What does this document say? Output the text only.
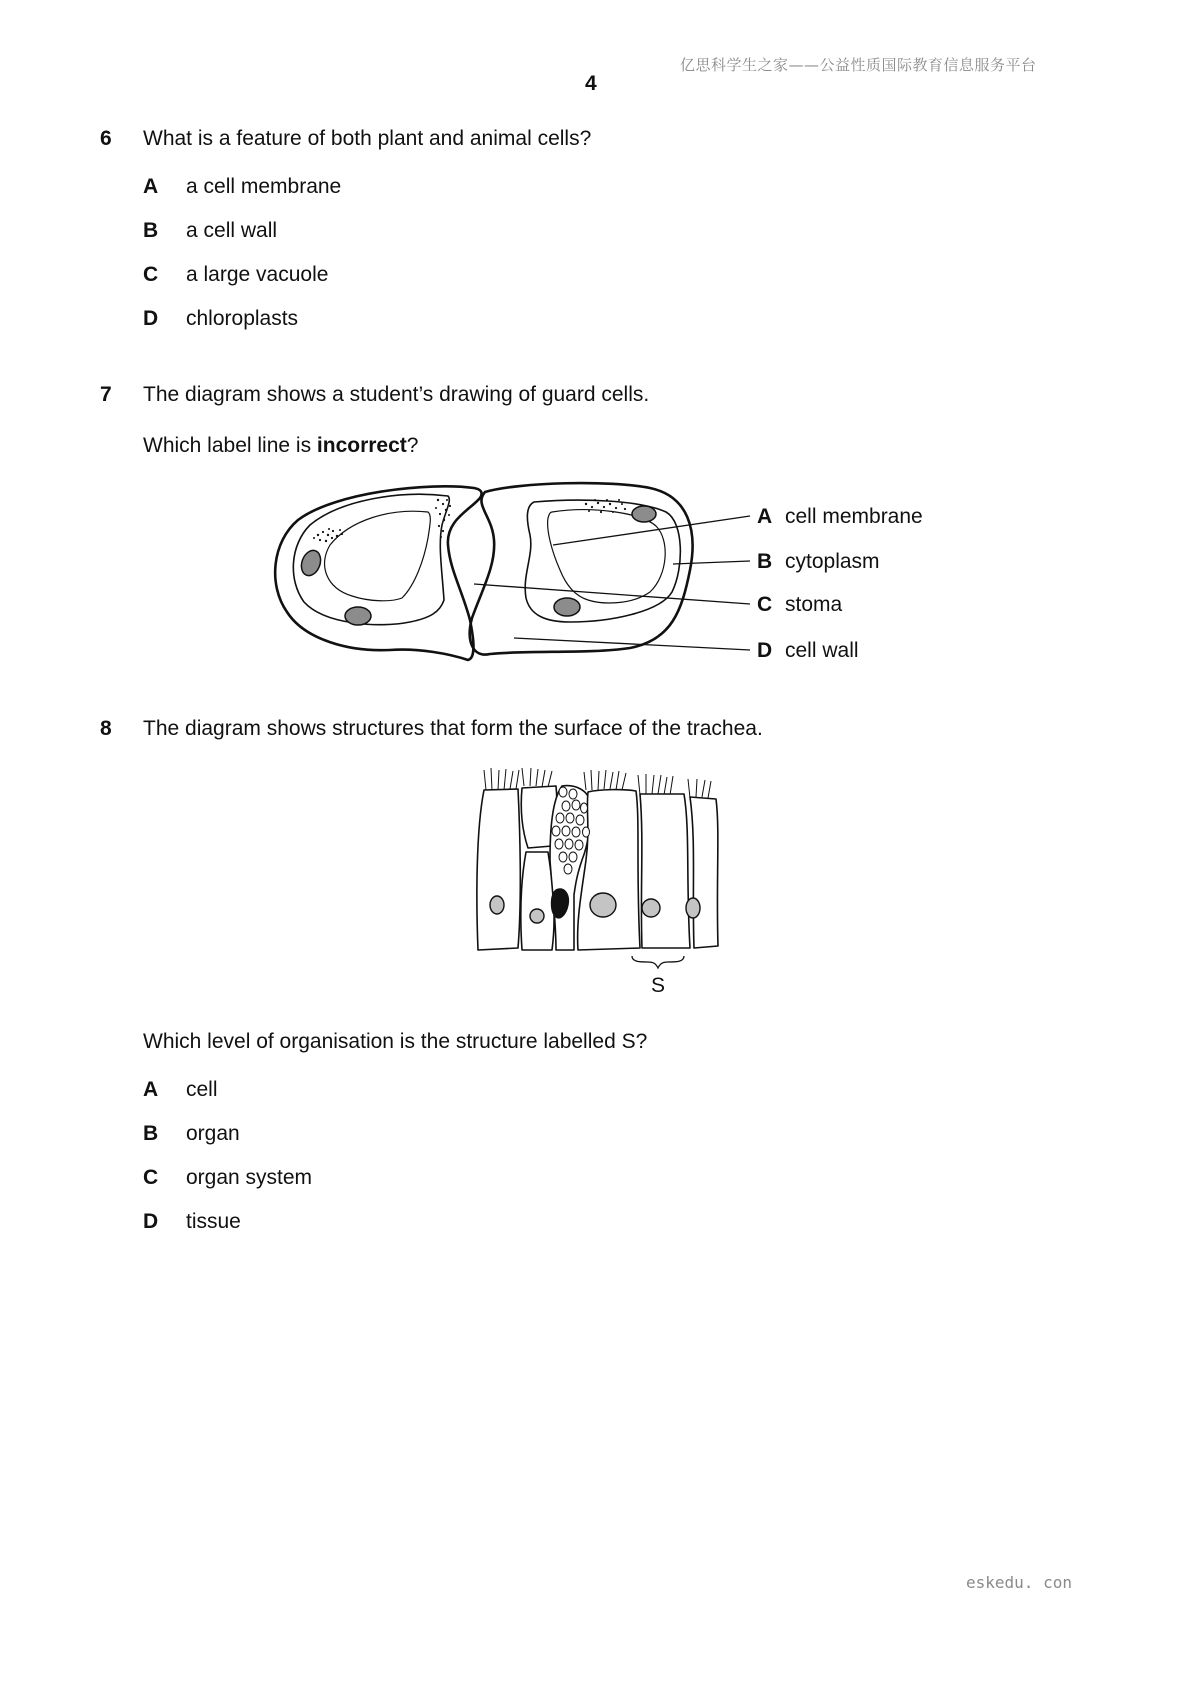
亿思科学生之家——公益性质国际教育信息服务平台
4
6 What is a feature of both plant and animal cells?
A a cell membrane
B a cell wall
C a large vacuole
D chloroplasts
7 The diagram shows a student’s drawing of guard cells.
Which label line is incorrect?
A cell membrane
B cytoplasm
C stoma
D cell wall
8 The diagram shows structures that form the surface of the trachea.
S
Which level of organisation is the structure labelled S?
A cell
B organ
C organ system
D tissue
eskedu. con
